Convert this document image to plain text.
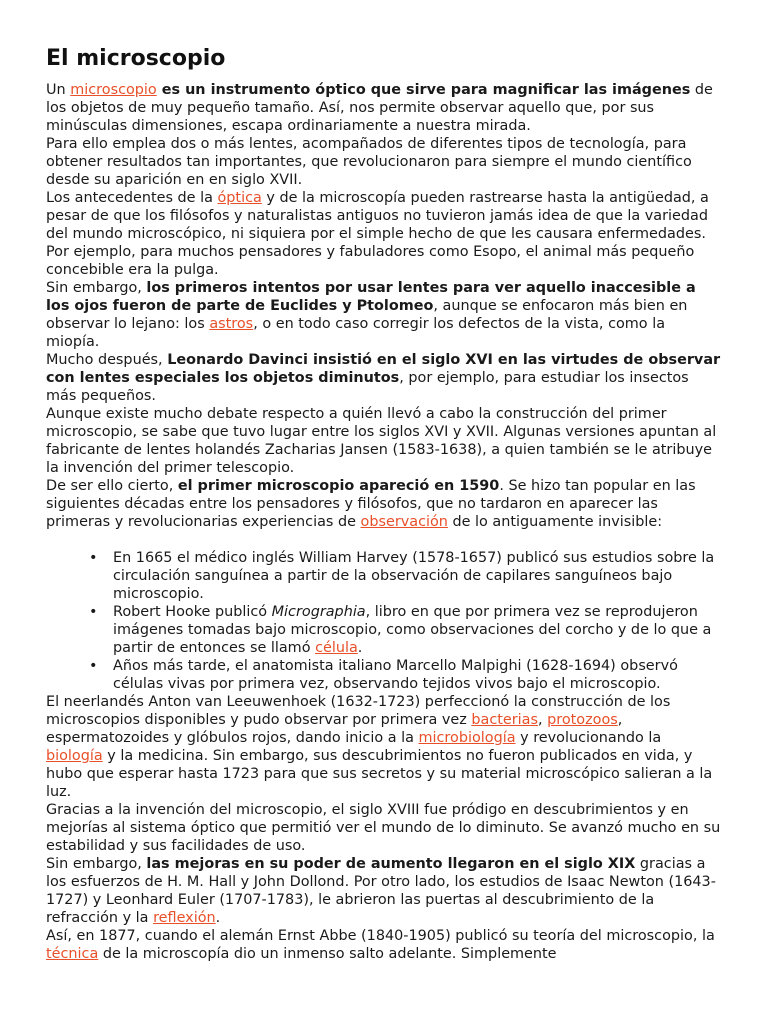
El microscopio

Un microscopio es un instrumento óptico que sirve para magnificar las imágenes de los objetos de muy pequeño tamaño. Así, nos permite observar aquello que, por sus minúsculas dimensiones, escapa ordinariamente a nuestra mirada.

Para ello emplea dos o más lentes, acompañados de diferentes tipos de tecnología, para obtener resultados tan importantes, que revolucionaron para siempre el mundo científico desde su aparición en en siglo XVII.

Los antecedentes de la óptica y de la microscopía pueden rastrearse hasta la antigüedad, a pesar de que los filósofos y naturalistas antiguos no tuvieron jamás idea de que la variedad del mundo microscópico, ni siquiera por el simple hecho de que les causara enfermedades. Por ejemplo, para muchos pensadores y fabuladores como Esopo, el animal más pequeño concebible era la pulga.

Sin embargo, los primeros intentos por usar lentes para ver aquello inaccesible a los ojos fueron de parte de Euclides y Ptolomeo, aunque se enfocaron más bien en observar lo lejano: los astros, o en todo caso corregir los defectos de la vista, como la miopía.

Mucho después, Leonardo Davinci insistió en el siglo XVI en las virtudes de observar con lentes especiales los objetos diminutos, por ejemplo, para estudiar los insectos más pequeños.

Aunque existe mucho debate respecto a quién llevó a cabo la construcción del primer microscopio, se sabe que tuvo lugar entre los siglos XVI y XVII. Algunas versiones apuntan al fabricante de lentes holandés Zacharias Jansen (1583-1638), a quien también se le atribuye la invención del primer telescopio.

De ser ello cierto, el primer microscopio apareció en 1590. Se hizo tan popular en las siguientes décadas entre los pensadores y filósofos, que no tardaron en aparecer las primeras y revolucionarias experiencias de observación de lo antiguamente invisible:

• En 1665 el médico inglés William Harvey (1578-1657) publicó sus estudios sobre la circulación sanguínea a partir de la observación de capilares sanguíneos bajo microscopio.
• Robert Hooke publicó Micrographia, libro en que por primera vez se reprodujeron imágenes tomadas bajo microscopio, como observaciones del corcho y de lo que a partir de entonces se llamó célula.
• Años más tarde, el anatomista italiano Marcello Malpighi (1628-1694) observó células vivas por primera vez, observando tejidos vivos bajo el microscopio.

El neerlandés Anton van Leeuwenhoek (1632-1723) perfeccionó la construcción de los microscopios disponibles y pudo observar por primera vez bacterias, protozoos, espermatozoides y glóbulos rojos, dando inicio a la microbiología y revolucionando la biología y la medicina. Sin embargo, sus descubrimientos no fueron publicados en vida, y hubo que esperar hasta 1723 para que sus secretos y su material microscópico salieran a la luz.

Gracias a la invención del microscopio, el siglo XVIII fue pródigo en descubrimientos y en mejorías al sistema óptico que permitió ver el mundo de lo diminuto. Se avanzó mucho en su estabilidad y sus facilidades de uso.

Sin embargo, las mejoras en su poder de aumento llegaron en el siglo XIX gracias a los esfuerzos de H. M. Hall y John Dollond. Por otro lado, los estudios de Isaac Newton (1643-1727) y Leonhard Euler (1707-1783), le abrieron las puertas al descubrimiento de la refracción y la reflexión.

Así, en 1877, cuando el alemán Ernst Abbe (1840-1905) publicó su teoría del microscopio, la técnica de la microscopía dio un inmenso salto adelante. Simplemente
